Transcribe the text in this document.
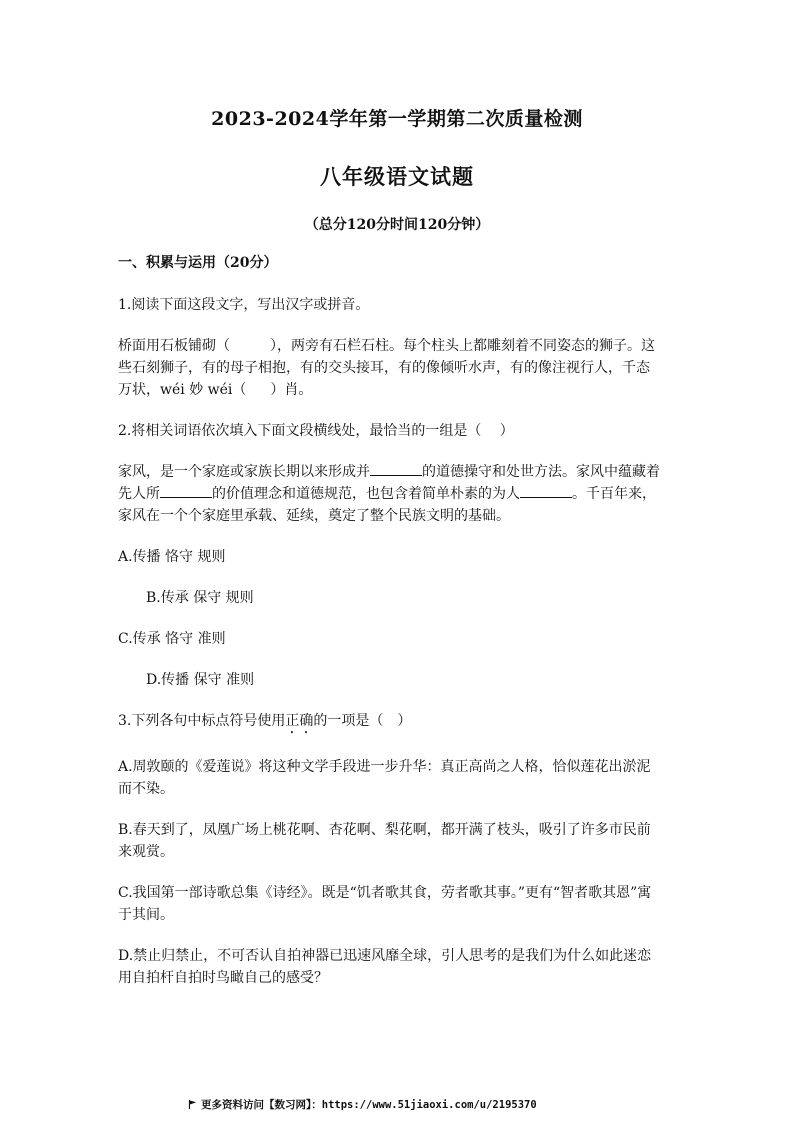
2023-2024学年第一学期第二次质量检测
八年级语文试题
（总分120分时间120分钟）
一、积累与运用（20分）
1.阅读下面这段文字，写出汉字或拼音。
桥面用石板铺砌（	），两旁有石栏石柱。每个柱头上都雕刻着不同姿态的狮子。这些石刻狮子，有的母子相抱，有的交头接耳，有的像倾听水声，有的像注视行人，千态万状，wéi 妙 wéi（ ）肖。
2.将相关词语依次填入下面文段横线处，最恰当的一组是（　 ）
家风，是一个家庭或家族长期以来形成并	的道德操守和处世方法。家风中蕴藏着先人所	的价值理念和道德规范，也包含着简单朴素的为人	。千百年来，家风在一个个家庭里承载、延续，奠定了整个民族文明的基础。
A.传播 恪守 规则
B.传承 保守 规则
C.传承 恪守 准则
D.传播 保守 准则
3.下列各句中标点符号使用正确的一项是（　）
A.周敦颐的《爱莲说》将这种文学手段进一步升华：真正高尚之人格，恰似莲花出淤泥而不染。
B.春天到了，凤凰广场上桃花啊、杏花啊、梨花啊，都开满了枝头，吸引了许多市民前来观赏。
C.我国第一部诗歌总集《诗经》。既是“饥者歌其食，劳者歌其事。”更有“智者歌其恩”寓于其间。
D.禁止归禁止，不可否认自拍神器已迅速风靡全球，引人思考的是我们为什么如此迷恋用自拍杆自拍时鸟瞰自己的感受？
更多资料访问【数习网】：https://www.51jiaoxi.com/u/2195370
